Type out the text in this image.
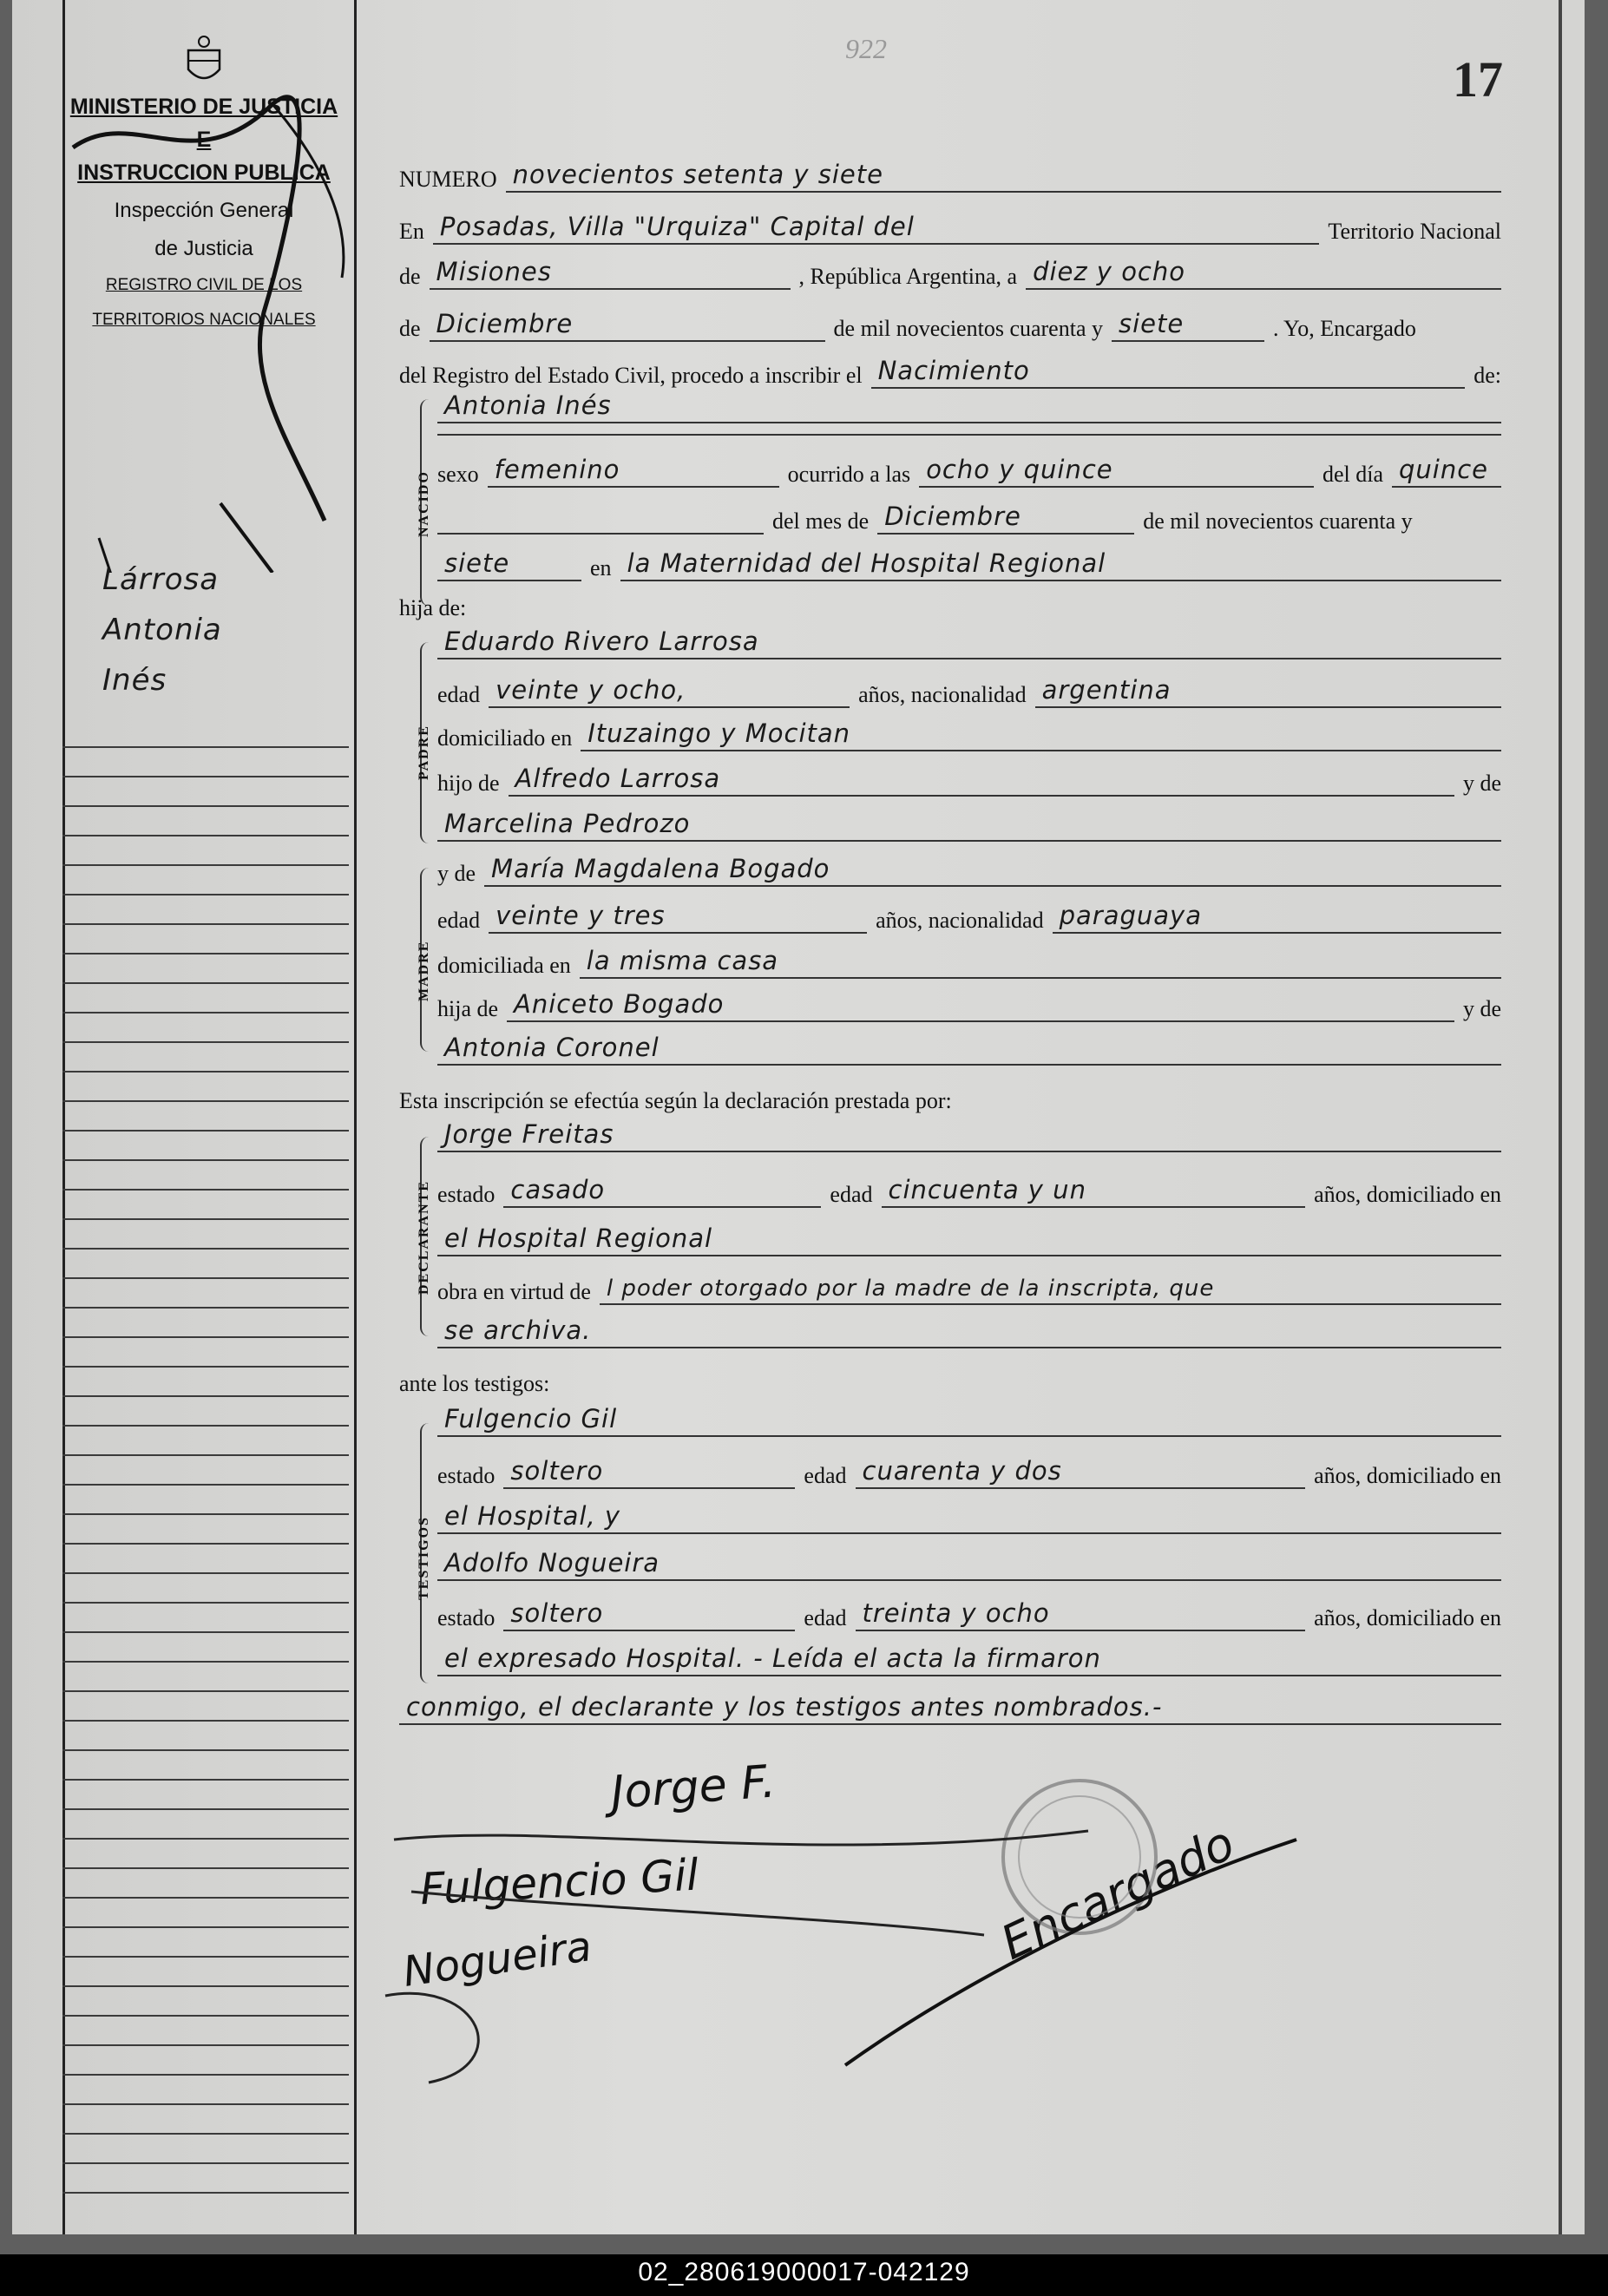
MINISTERIO DE JUSTICIA
E
INSTRUCCION PUBLICA
Inspección General
de Justicia
REGISTRO CIVIL DE LOS
TERRITORIOS NACIONALES
922
17
Lárrosa
Antonia
Inés
NUMERO novecientos setenta y siete
En Posadas, Villa "Urquiza" Capital del	Territorio Nacional
de Misiones	, República Argentina, a diez y ocho
de Diciembre	de mil novecientos cuarenta y siete	. Yo, Encargado
del Registro del Estado Civil, procedo a inscribir el Nacimiento	de:
NACIDO
Antonia Inés
sexo femenino	ocurrido a las ocho y quince	del día quince
del mes de Diciembre	de mil novecientos cuarenta y
siete	en la Maternidad del Hospital Regional
hija de:
PADRE
Eduardo Rivero Larrosa
edad veinte y ocho,	años, nacionalidad argentina
domiciliado en Ituzaingo y Mocitan
hijo de Alfredo Larrosa	y de
Marcelina Pedrozo
MADRE
y de María Magdalena Bogado
edad veinte y tres	años, nacionalidad paraguaya
domiciliada en la misma casa
hija de Aniceto Bogado	y de
Antonia Coronel
Esta inscripción se efectúa según la declaración prestada por:
DECLARANTE
Jorge Freitas
estado casado	edad cincuenta y un	años, domiciliado en
el Hospital Regional
obra en virtud de l poder otorgado por la madre de la inscripta, que
se archiva.
ante los testigos:
TESTIGOS
Fulgencio Gil
estado soltero	edad cuarenta y dos	años, domiciliado en
el Hospital, y
Adolfo Nogueira
estado soltero	edad treinta y ocho	años, domiciliado en
el expresado Hospital. - Leída el acta la firmaron
conmigo, el declarante y los testigos antes nombrados.-
Jorge F.
Fulgencio Gil
Nogueira	Encargado
02_280619000017-042129
